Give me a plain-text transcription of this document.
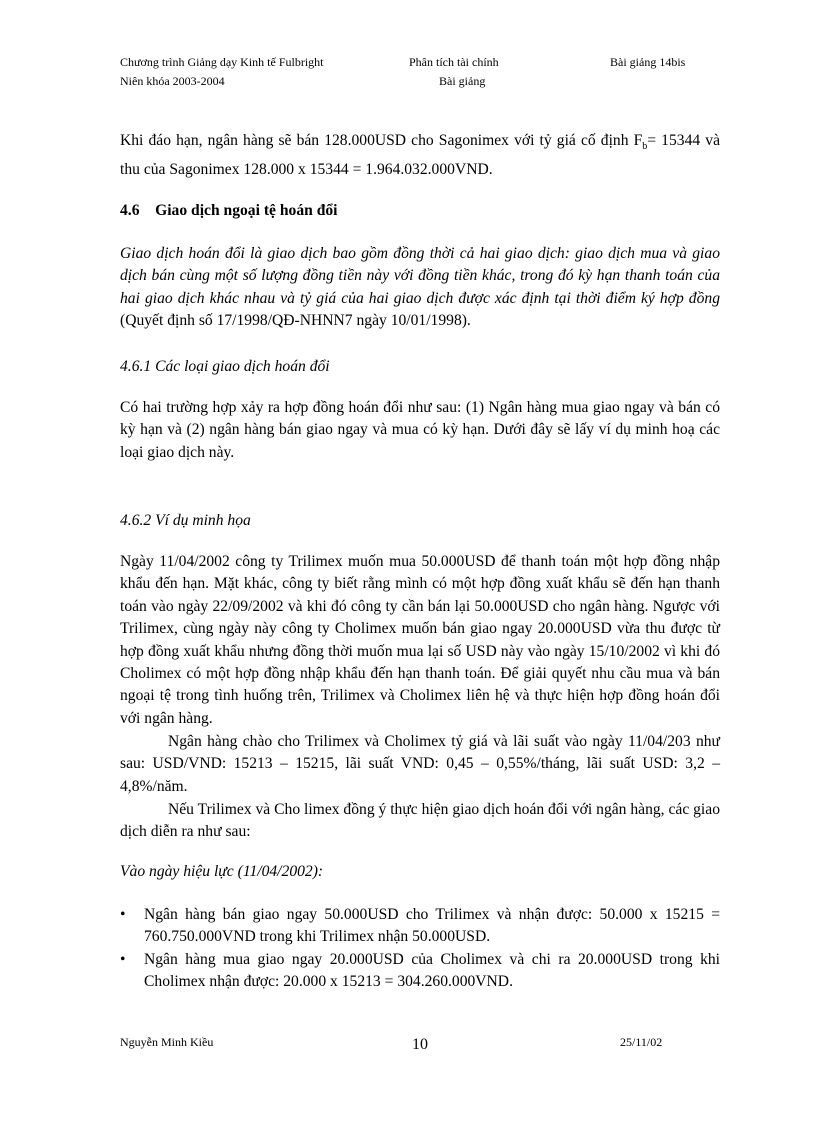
Chương trình Giảng dạy Kinh tế Fulbright	Phân tích tài chính	Bài giảng 14bis
Niên khóa 2003-2004	Bài giảng

Khi đáo hạn, ngân hàng sẽ bán 128.000USD cho Sagonimex với tỷ giá cố định $F_b= 15344$ và thu của Sagonimex 128.000 x 15344 = 1.964.032.000VND.

4.6 Giao dịch ngoại tệ hoán đổi

Giao dịch hoán đổi là giao dịch bao gồm đồng thời cả hai giao dịch: giao dịch mua và giao dịch bán cùng một số lượng đồng tiền này với đồng tiền khác, trong đó kỳ hạn thanh toán của hai giao dịch khác nhau và tỷ giá của hai giao dịch được xác định tại thời điểm ký hợp đồng (Quyết định số 17/1998/QĐ-NHNN7 ngày 10/01/1998).

4.6.1 Các loại giao dịch hoán đổi

Có hai trường hợp xảy ra hợp đồng hoán đổi như sau: (1) Ngân hàng mua giao ngay và bán có kỳ hạn và (2) ngân hàng bán giao ngay và mua có kỳ hạn. Dưới đây sẽ lấy ví dụ minh hoạ các loại giao dịch này.

4.6.2 Ví dụ minh họa

Ngày 11/04/2002 công ty Trilimex muốn mua 50.000USD để thanh toán một hợp đồng nhập khẩu đến hạn. Mặt khác, công ty biết rằng mình có một hợp đồng xuất khẩu sẽ đến hạn thanh toán vào ngày 22/09/2002 và khi đó công ty cần bán lại 50.000USD cho ngân hàng. Ngược với Trilimex, cùng ngày này công ty Cholimex muốn bán giao ngay 20.000USD vừa thu được từ hợp đồng xuất khẩu nhưng đồng thời muốn mua lại số USD này vào ngày 15/10/2002 vì khi đó Cholimex có một hợp đồng nhập khẩu đến hạn thanh toán. Để giải quyết nhu cầu mua và bán ngoại tệ trong tình huống trên, Trilimex và Cholimex liên hệ và thực hiện hợp đồng hoán đổi với ngân hàng.

Ngân hàng chào cho Trilimex và Cholimex tỷ giá và lãi suất vào ngày 11/04/203 như sau: USD/VND: 15213 – 15215, lãi suất VND: 0,45 – 0,55%/tháng, lãi suất USD: 3,2 – 4,8%/năm.

Nếu Trilimex và Cho limex đồng ý thực hiện giao dịch hoán đổi với ngân hàng, các giao dịch diễn ra như sau:

Vào ngày hiệu lực (11/04/2002):
• Ngân hàng bán giao ngay 50.000USD cho Trilimex và nhận được: 50.000 x 15215 = 760.750.000VND trong khi Trilimex nhận 50.000USD.
• Ngân hàng mua giao ngay 20.000USD của Cholimex và chi ra 20.000USD trong khi Cholimex nhận được: 20.000 x 15213 = 304.260.000VND.
Nguyễn Minh Kiều	10	25/11/02
